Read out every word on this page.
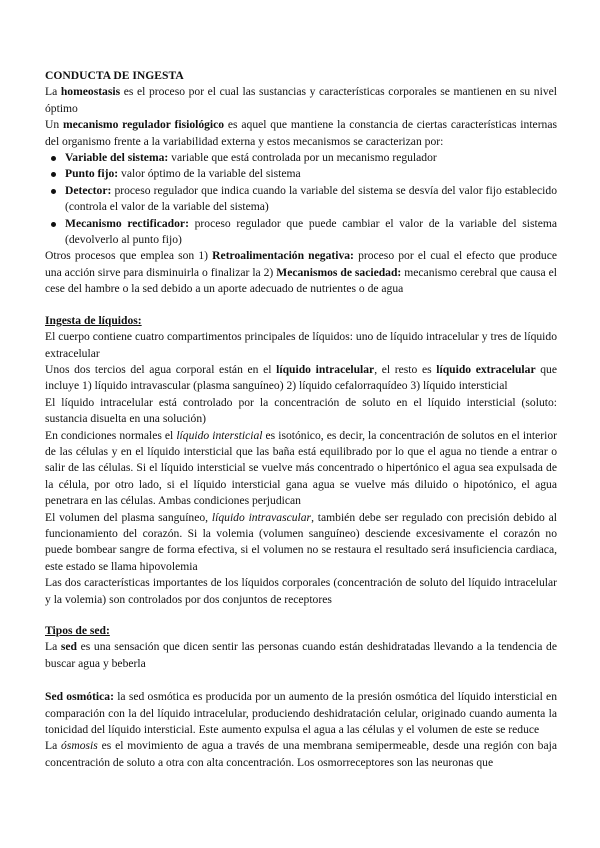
CONDUCTA DE INGESTA

La homeostasis es el proceso por el cual las sustancias y características corporales se mantienen en su nivel óptimo

Un mecanismo regulador fisiológico es aquel que mantiene la constancia de ciertas características internas del organismo frente a la variabilidad externa y estos mecanismos se caracterizan por:

Variable del sistema: variable que está controlada por un mecanismo regulador
Punto fijo: valor óptimo de la variable del sistema
Detector: proceso regulador que indica cuando la variable del sistema se desvía del valor fijo establecido (controla el valor de la variable del sistema)
Mecanismo rectificador: proceso regulador que puede cambiar el valor de la variable del sistema (devolverlo al punto fijo)

Otros procesos que emplea son 1) Retroalimentación negativa: proceso por el cual el efecto que produce una acción sirve para disminuirla o finalizar la 2) Mecanismos de saciedad: mecanismo cerebral que causa el cese del hambre o la sed debido a un aporte adecuado de nutrientes o de agua

Ingesta de líquidos:

El cuerpo contiene cuatro compartimentos principales de líquidos: uno de líquido intracelular y tres de líquido extracelular

Unos dos tercios del agua corporal están en el líquido intracelular, el resto es líquido extracelular que incluye 1) líquido intravascular (plasma sanguíneo) 2) líquido cefalorraquídeo 3) líquido intersticial

El líquido intracelular está controlado por la concentración de soluto en el líquido intersticial (soluto: sustancia disuelta en una solución)

En condiciones normales el líquido intersticial es isotónico, es decir, la concentración de solutos en el interior de las células y en el líquido intersticial que las baña está equilibrado por lo que el agua no tiende a entrar o salir de las células. Si el líquido intersticial se vuelve más concentrado o hipertónico el agua sea expulsada de la célula, por otro lado, si el líquido intersticial gana agua se vuelve más diluido o hipotónico, el agua penetrara en las células. Ambas condiciones perjudican

El volumen del plasma sanguíneo, líquido intravascular, también debe ser regulado con precisión debido al funcionamiento del corazón. Si la volemia (volumen sanguíneo) desciende excesivamente el corazón no puede bombear sangre de forma efectiva, si el volumen no se restaura el resultado será insuficiencia cardiaca, este estado se llama hipovolemia

Las dos características importantes de los líquidos corporales (concentración de soluto del líquido intracelular y la volemia) son controlados por dos conjuntos de receptores

Tipos de sed:

La sed es una sensación que dicen sentir las personas cuando están deshidratadas llevando a la tendencia de buscar agua y beberla

Sed osmótica: la sed osmótica es producida por un aumento de la presión osmótica del líquido intersticial en comparación con la del líquido intracelular, produciendo deshidratación celular, originado cuando aumenta la tonicidad del líquido intersticial. Este aumento expulsa el agua a las células y el volumen de este se reduce

La ósmosis es el movimiento de agua a través de una membrana semipermeable, desde una región con baja concentración de soluto a otra con alta concentración. Los osmorreceptores son las neuronas que
